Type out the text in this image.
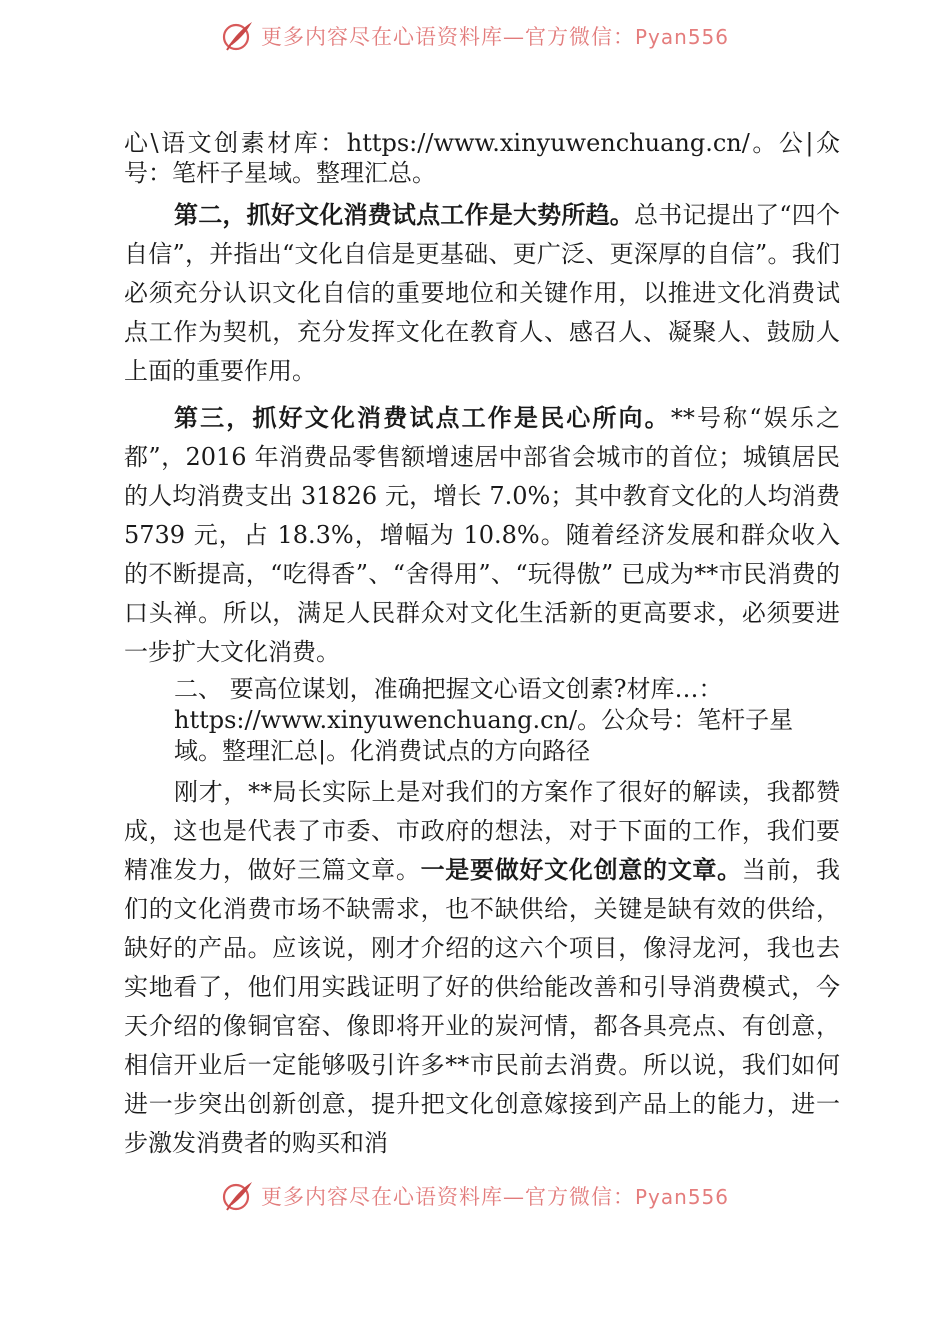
更多内容尽在心语资料库—官方微信：Pyan556

心\语文创素材库：https://www.xinyuwenchuang.cn/。公|众号：笔杆子星域。整理汇总。

第二，抓好文化消费试点工作是大势所趋。总书记提出了“四个自信”，并指出“文化自信是更基础、更广泛、更深厚的自信”。我们必须充分认识文化自信的重要地位和关键作用，以推进文化消费试点工作为契机，充分发挥文化在教育人、感召人、凝聚人、鼓励人上面的重要作用。

第三，抓好文化消费试点工作是民心所向。**号称“娱乐之都”，2016 年消费品零售额增速居中部省会城市的首位；城镇居民的人均消费支出 31826 元，增长 7.0%；其中教育文化的人均消费 5739 元，占 18.3%，增幅为 10.8%。随着经济发展和群众收入的不断提高，“吃得香”、“舍得用”、“玩得傲” 已成为**市民消费的口头禅。所以，满足人民群众对文化生活新的更高要求，必须要进一步扩大文化消费。

二、 要高位谋划，准确把握文心语文创素?材库…：https://www.xinyuwenchuang.cn/。公众号：笔杆子星域。整理汇总|。化消费试点的方向路径

刚才，**局长实际上是对我们的方案作了很好的解读，我都赞成，这也是代表了市委、市政府的想法，对于下面的工作，我们要精准发力，做好三篇文章。一是要做好文化创意的文章。当前，我们的文化消费市场不缺需求，也不缺供给，关键是缺有效的供给，缺好的产品。应该说，刚才介绍的这六个项目，像浔龙河，我也去实地看了，他们用实践证明了好的供给能改善和引导消费模式，今天介绍的像铜官窑、像即将开业的炭河情，都各具亮点、有创意，相信开业后一定能够吸引许多**市民前去消费。所以说，我们如何进一步突出创新创意，提升把文化创意嫁接到产品上的能力，进一步激发消费者的购买和消

更多内容尽在心语资料库—官方微信：Pyan556
